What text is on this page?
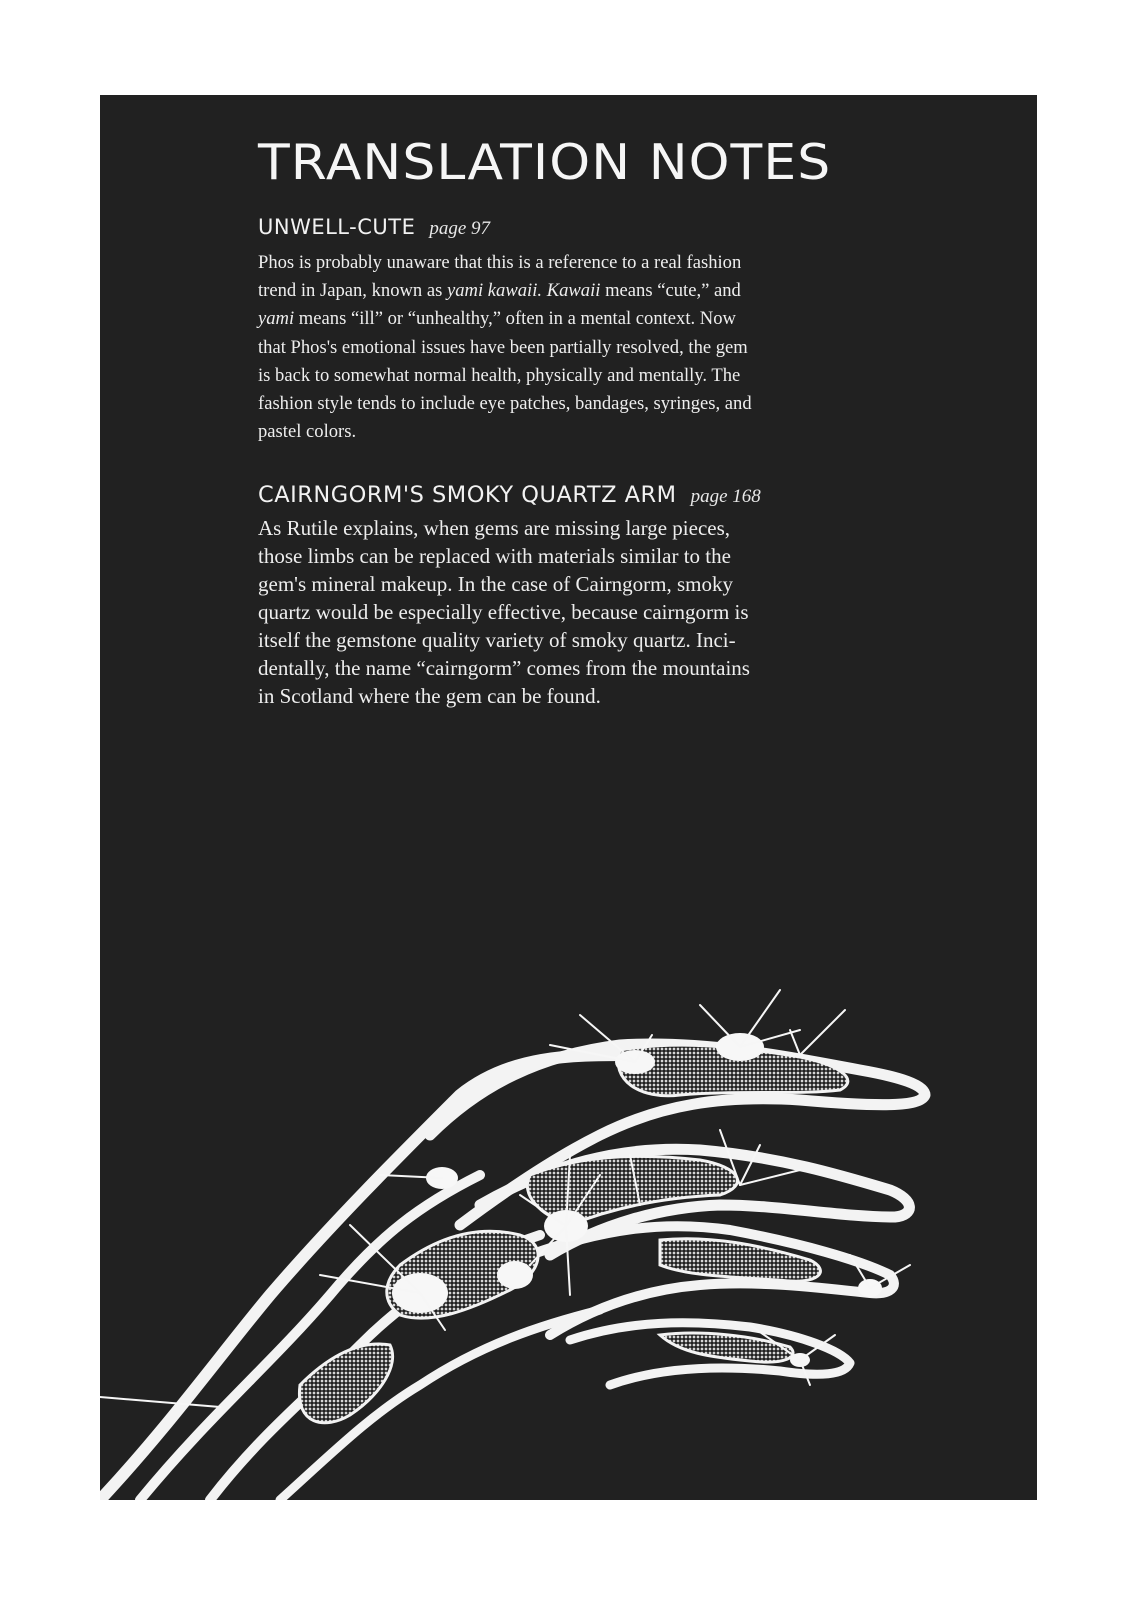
TRANSLATION NOTES
UNWELL-CUTE page 97

Phos is probably unaware that this is a reference to a real fashion
trend in Japan, known as yami kawaii. Kawaii means “cute,” and
yami means “ill” or “unhealthy,” often in a mental context. Now
that Phos's emotional issues have been partially resolved, the gem
is back to somewhat normal health, physically and mentally. The
fashion style tends to include eye patches, bandages, syringes, and
pastel colors.

CAIRNGORM'S SMOKY QUARTZ ARM page 168

As Rutile explains, when gems are missing large pieces,
those limbs can be replaced with materials similar to the
gem's mineral makeup. In the case of Cairngorm, smoky
quartz would be especially effective, because cairngorm is
itself the gemstone quality variety of smoky quartz. Inci-
dentally, the name “cairngorm” comes from the mountains
in Scotland where the gem can be found.
